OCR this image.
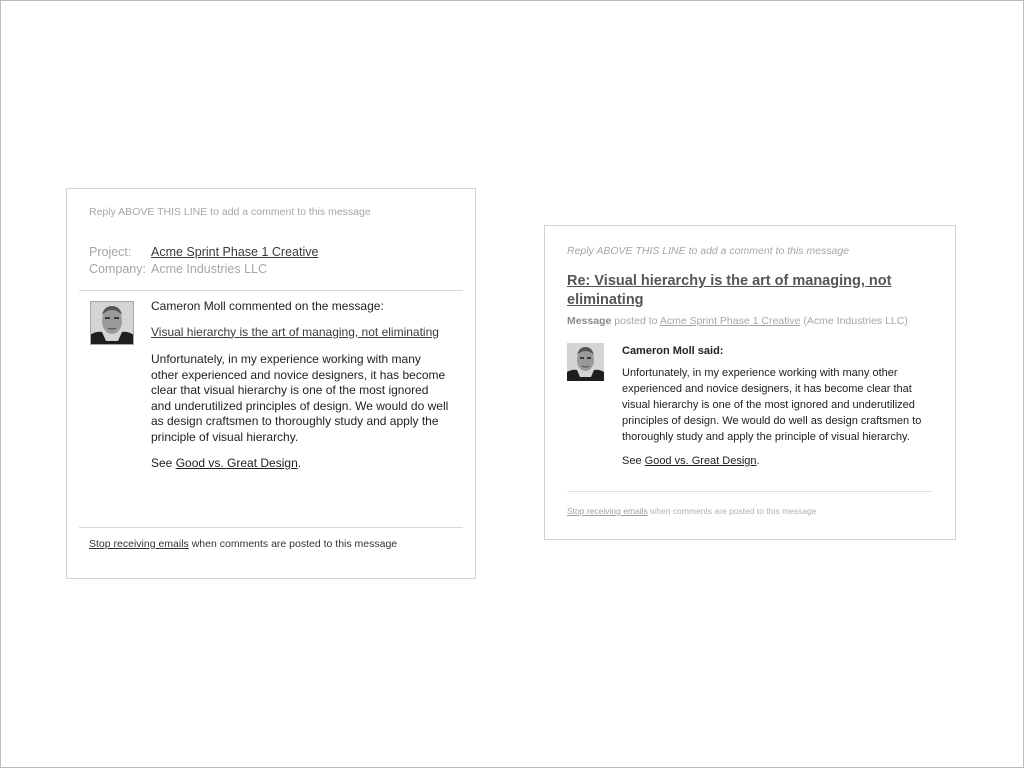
Reply ABOVE THIS LINE to add a comment to this message
Project:	Acme Sprint Phase 1 Creative
Company: Acme Industries LLC

Cameron Moll commented on the message:

Visual hierarchy is the art of managing, not eliminating

Unfortunately, in my experience working with many other experienced and novice designers, it has become clear that visual hierarchy is one of the most ignored and underutilized principles of design. We would do well as design craftsmen to thoroughly study and apply the principle of visual hierarchy.

See Good vs. Great Design.

Stop receiving emails when comments are posted to this message
Reply ABOVE THIS LINE to add a comment to this message
Re: Visual hierarchy is the art of managing, not eliminating
Message posted to Acme Sprint Phase 1 Creative (Acme Industries LLC)

Cameron Moll said:

Unfortunately, in my experience working with many other experienced and novice designers, it has become clear that visual hierarchy is one of the most ignored and underutilized principles of design. We would do well as design craftsmen to thoroughly study and apply the principle of visual hierarchy.

See Good vs. Great Design.

Stop receiving emails when comments are posted to this message
